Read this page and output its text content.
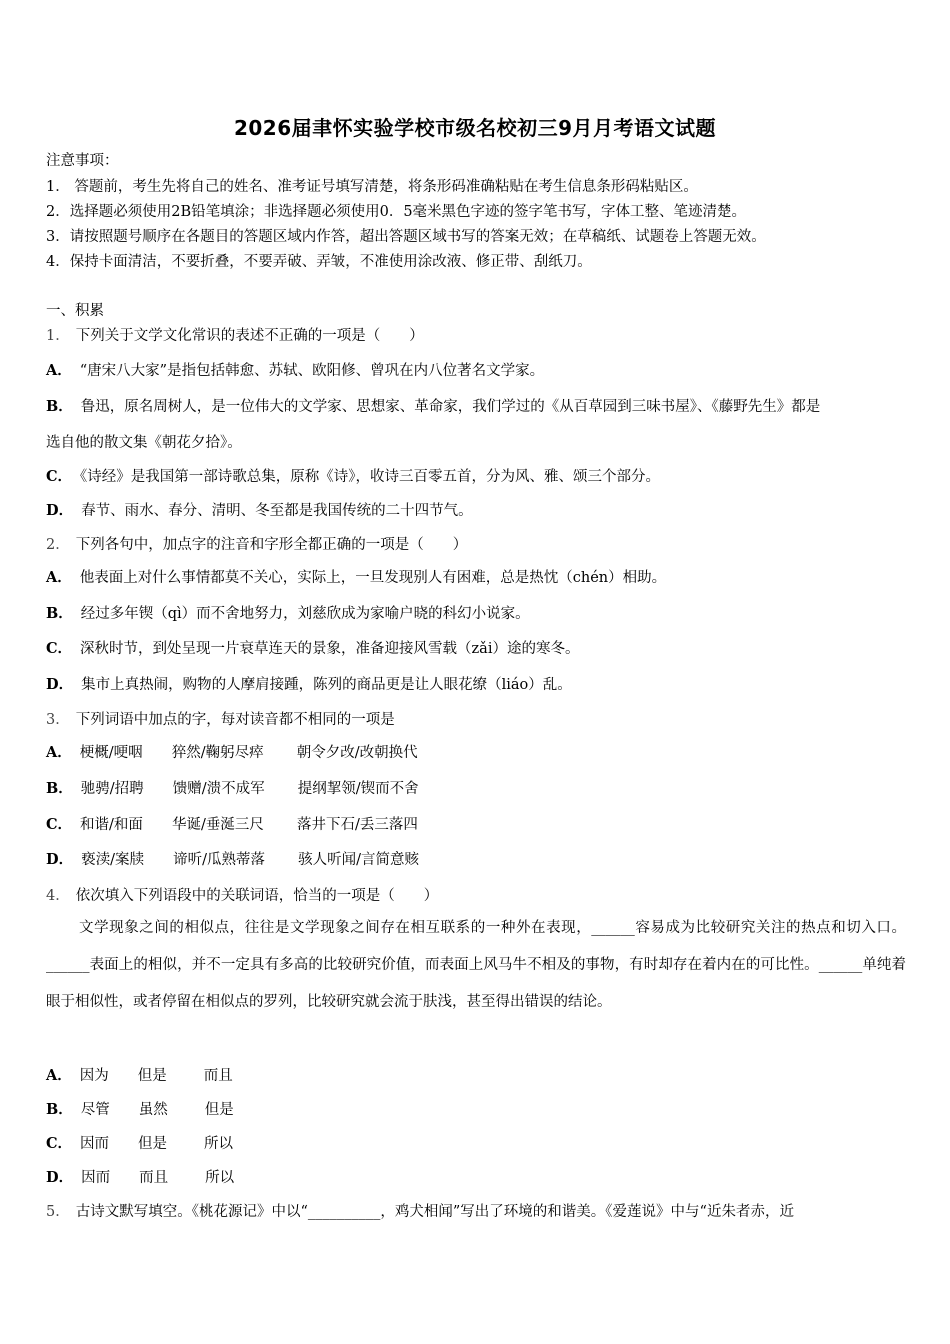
2026届聿怀实验学校市级名校初三9月月考语文试题
注意事项：
1． 答题前，考生先将自己的姓名、准考证号填写清楚，将条形码准确粘贴在考生信息条形码粘贴区。
2．选择题必须使用2B铅笔填涂；非选择题必须使用0．5毫米黑色字迹的签字笔书写，字体工整、笔迹清楚。
3．请按照题号顺序在各题目的答题区域内作答，超出答题区域书写的答案无效；在草稿纸、试题卷上答题无效。
4．保持卡面清洁，不要折叠，不要弄破、弄皱，不准使用涂改液、修正带、刮纸刀。
一、积累
1． 下列关于文学文化常识的表述不正确的一项是（　　）
A． “唐宋八大家”是指包括韩愈、苏轼、欧阳修、曾巩在内八位著名文学家。
B． 鲁迅，原名周树人，是一位伟大的文学家、思想家、革命家，我们学过的《从百草园到三味书屋》、《藤野先生》都是
选自他的散文集《朝花夕拾》。
C． 《诗经》是我国第一部诗歌总集，原称《诗》，收诗三百零五首，分为风、雅、颂三个部分。
D． 春节、雨水、春分、清明、冬至都是我国传统的二十四节气。
2． 下列各句中，加点字的注音和字形全都正确的一项是（　　）
A． 他表面上对什么事情都莫不关心，实际上，一旦发现别人有困难，总是热忱（chén）相助。
B． 经过多年锲（qì）而不舍地努力，刘慈欣成为家喻户晓的科幻小说家。
C． 深秋时节，到处呈现一片衰草连天的景象，准备迎接风雪载（zǎi）途的寒冬。
D． 集市上真热闹，购物的人摩肩接踵，陈列的商品更是让人眼花缭（liáo）乱。
3． 下列词语中加点的字，每对读音都不相同的一项是
A． 梗概/哽咽 猝然/鞠躬尽瘁 朝令夕改/改朝换代
B． 驰骋/招聘 馈赠/溃不成军 提纲挈领/锲而不舍
C． 和谐/和面 华诞/垂涎三尺 落井下石/丢三落四
D． 亵渎/案牍 谛听/瓜熟蒂落 骇人听闻/言简意赅
4． 依次填入下列语段中的关联词语，恰当的一项是（　　）
文学现象之间的相似点，往往是文学现象之间存在相互联系的一种外在表现，______容易成为比较研究关注的热点和切入口。______表面上的相似，并不一定具有多高的比较研究价值，而表面上风马牛不相及的事物，有时却存在着内在的可比性。______单纯着眼于相似性，或者停留在相似点的罗列，比较研究就会流于肤浅，甚至得出错误的结论。
A． 因为 但是	而且
B． 尽管 虽然	但是
C． 因而 但是	所以
D． 因而 而且	所以
5． 古诗文默写填空。《桃花源记》中以“__________，鸡犬相闻”写出了环境的和谐美。《爱莲说》中与“近朱者赤，近
